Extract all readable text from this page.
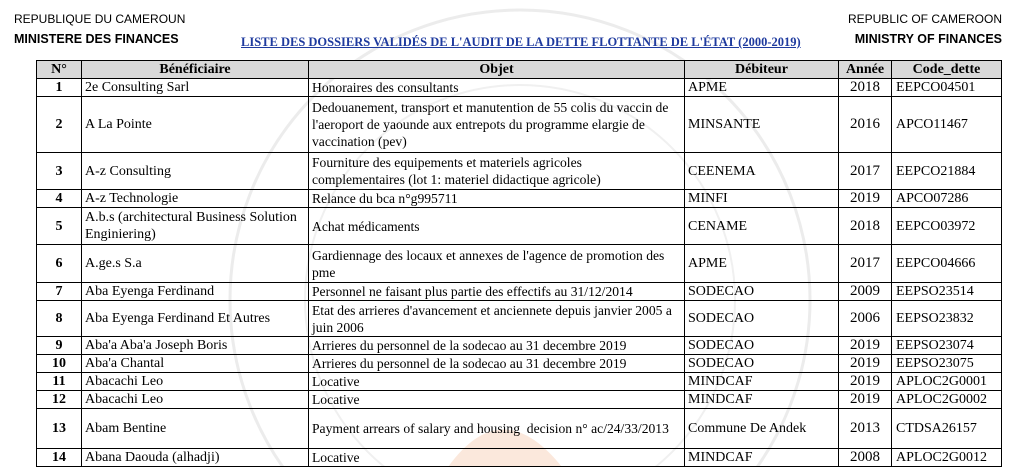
REPUBLIQUE DU CAMEROUN
MINISTERE DES FINANCES
REPUBLIC OF CAMEROON
MINISTRY OF FINANCES
LISTE DES DOSSIERS VALIDÉS DE L'AUDIT DE LA DETTE FLOTTANTE DE L'ÉTAT (2000-2019)
N°	Bénéficiaire	Objet	Débiteur	Année	Code_dette
1	2e Consulting Sarl	Honoraires des consultants	APME	2018	EEPCO04501
2	A La Pointe	Dedouanement, transport et manutention de 55 colis du vaccin de l'aeroport de yaounde aux entrepots du programme elargie de vaccination (pev)	MINSANTE	2016	APCO11467
3	A-z Consulting	Fourniture des equipements et materiels agricoles
complementaires (lot 1: materiel didactique agricole)	CEENEMA	2017	EEPCO21884
4	A-z Technologie	Relance du bca n°g995711	MINFI	2019	APCO07286
5	A.b.s (architectural Business Solution Enginiering)	Achat médicaments	CENAME	2018	EEPCO03972
6	A.ge.s S.a	Gardiennage des locaux et annexes de l'agence de promotion des pme	APME	2017	EEPCO04666
7	Aba Eyenga Ferdinand	Personnel ne faisant plus partie des effectifs au 31/12/2014	SODECAO	2009	EEPSO23514
8	Aba Eyenga Ferdinand Et Autres	Etat des arrieres d'avancement et anciennete depuis janvier 2005 a juin 2006	SODECAO	2006	EEPSO23832
9	Aba'a Aba'a Joseph Boris	Arrieres du personnel de la sodecao au 31 decembre 2019	SODECAO	2019	EEPSO23074
10	Aba'a Chantal	Arrieres du personnel de la sodecao au 31 decembre 2019	SODECAO	2019	EEPSO23075
11	Abacachi Leo	Locative	MINDCAF	2019	APLOC2G0001
12	Abacachi Leo	Locative	MINDCAF	2019	APLOC2G0002
13	Abam Bentine	Payment arrears of salary and housing  decision n° ac/24/33/2013	Commune De Andek	2013	CTDSA26157
14	Abana Daouda (alhadji)	Locative	MINDCAF	2008	APLOC2G0012
